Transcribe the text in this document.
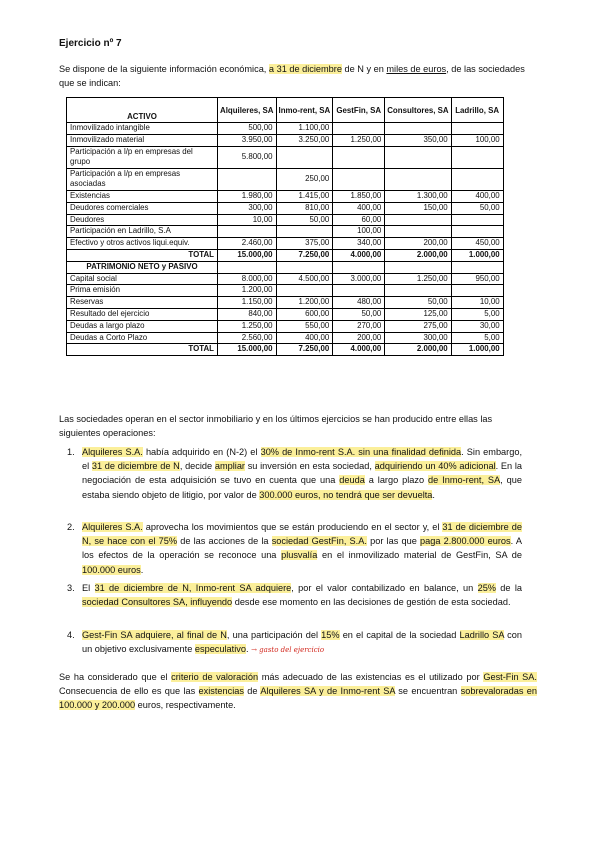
Ejercicio nº 7
Se dispone de la siguiente información económica, a 31 de diciembre de N y en miles de euros, de las sociedades que se indican:
ACTIVO	Alquileres, SA	Inmo-rent, SA	GestFin, SA	Consultores, SA	Ladrillo, SA
Inmovilizado intangible	500,00	1.100,00			
Inmovilizado material	3.950,00	3.250,00	1.250,00	350,00	100,00
Participación a l/p en empresas del grupo	5.800,00				
Participación a l/p en empresas asociadas		250,00			
Existencias	1.980,00	1.415,00	1.850,00	1.300,00	400,00
Deudores comerciales	300,00	810,00	400,00	150,00	50,00
Deudores	10,00	50,00	60,00		
Participación en Ladrillo, S.A			100,00		
Efectivo y otros activos liqui.equiv.	2.460,00	375,00	340,00	200,00	450,00
TOTAL	15.000,00	7.250,00	4.000,00	2.000,00	1.000,00
PATRIMONIO NETO y PASIVO					
Capital social	8.000,00	4.500,00	3.000,00	1.250,00	950,00
Prima emisión	1.200,00				
Reservas	1.150,00	1.200,00	480,00	50,00	10,00
Resultado del ejercicio	840,00	600,00	50,00	125,00	5,00
Deudas a largo plazo	1.250,00	550,00	270,00	275,00	30,00
Deudas a Corto Plazo	2.560,00	400,00	200,00	300,00	5,00
TOTAL	15.000,00	7.250,00	4.000,00	2.000,00	1.000,00
Las sociedades operan en el sector inmobiliario y en los últimos ejercicios se han producido entre ellas las siguientes operaciones:
1. Alquileres S.A. había adquirido en (N-2) el 30% de Inmo-rent S.A. sin una finalidad definida. Sin embargo, el 31 de diciembre de N, decide ampliar su inversión en esta sociedad, adquiriendo un 40% adicional. En la negociación de esta adquisición se tuvo en cuenta que una deuda a largo plazo de Inmo-rent, SA, que estaba siendo objeto de litigio, por valor de 300.000 euros, no tendrá que ser devuelta.
2. Alquileres S.A. aprovecha los movimientos que se están produciendo en el sector y, el 31 de diciembre de N, se hace con el 75% de las acciones de la sociedad GestFin, S.A. por las que paga 2.800.000 euros. A los efectos de la operación se reconoce una plusvalía en el inmovilizado material de GestFin, SA de 100.000 euros.
3. El 31 de diciembre de N, Inmo-rent SA adquiere, por el valor contabilizado en balance, un 25% de la sociedad Consultores SA, influyendo desde ese momento en las decisiones de gestión de esta sociedad.
4. Gest-Fin SA adquiere, al final de N, una participación del 15% en el capital de la sociedad Ladrillo SA con un objetivo exclusivamente especulativo. → gasto del ejercicio
Se ha considerado que el criterio de valoración más adecuado de las existencias es el utilizado por Gest-Fin SA. Consecuencia de ello es que las existencias de Alquileres SA y de Inmo-rent SA se encuentran sobrevaloradas en 100.000 y 200.000 euros, respectivamente.
